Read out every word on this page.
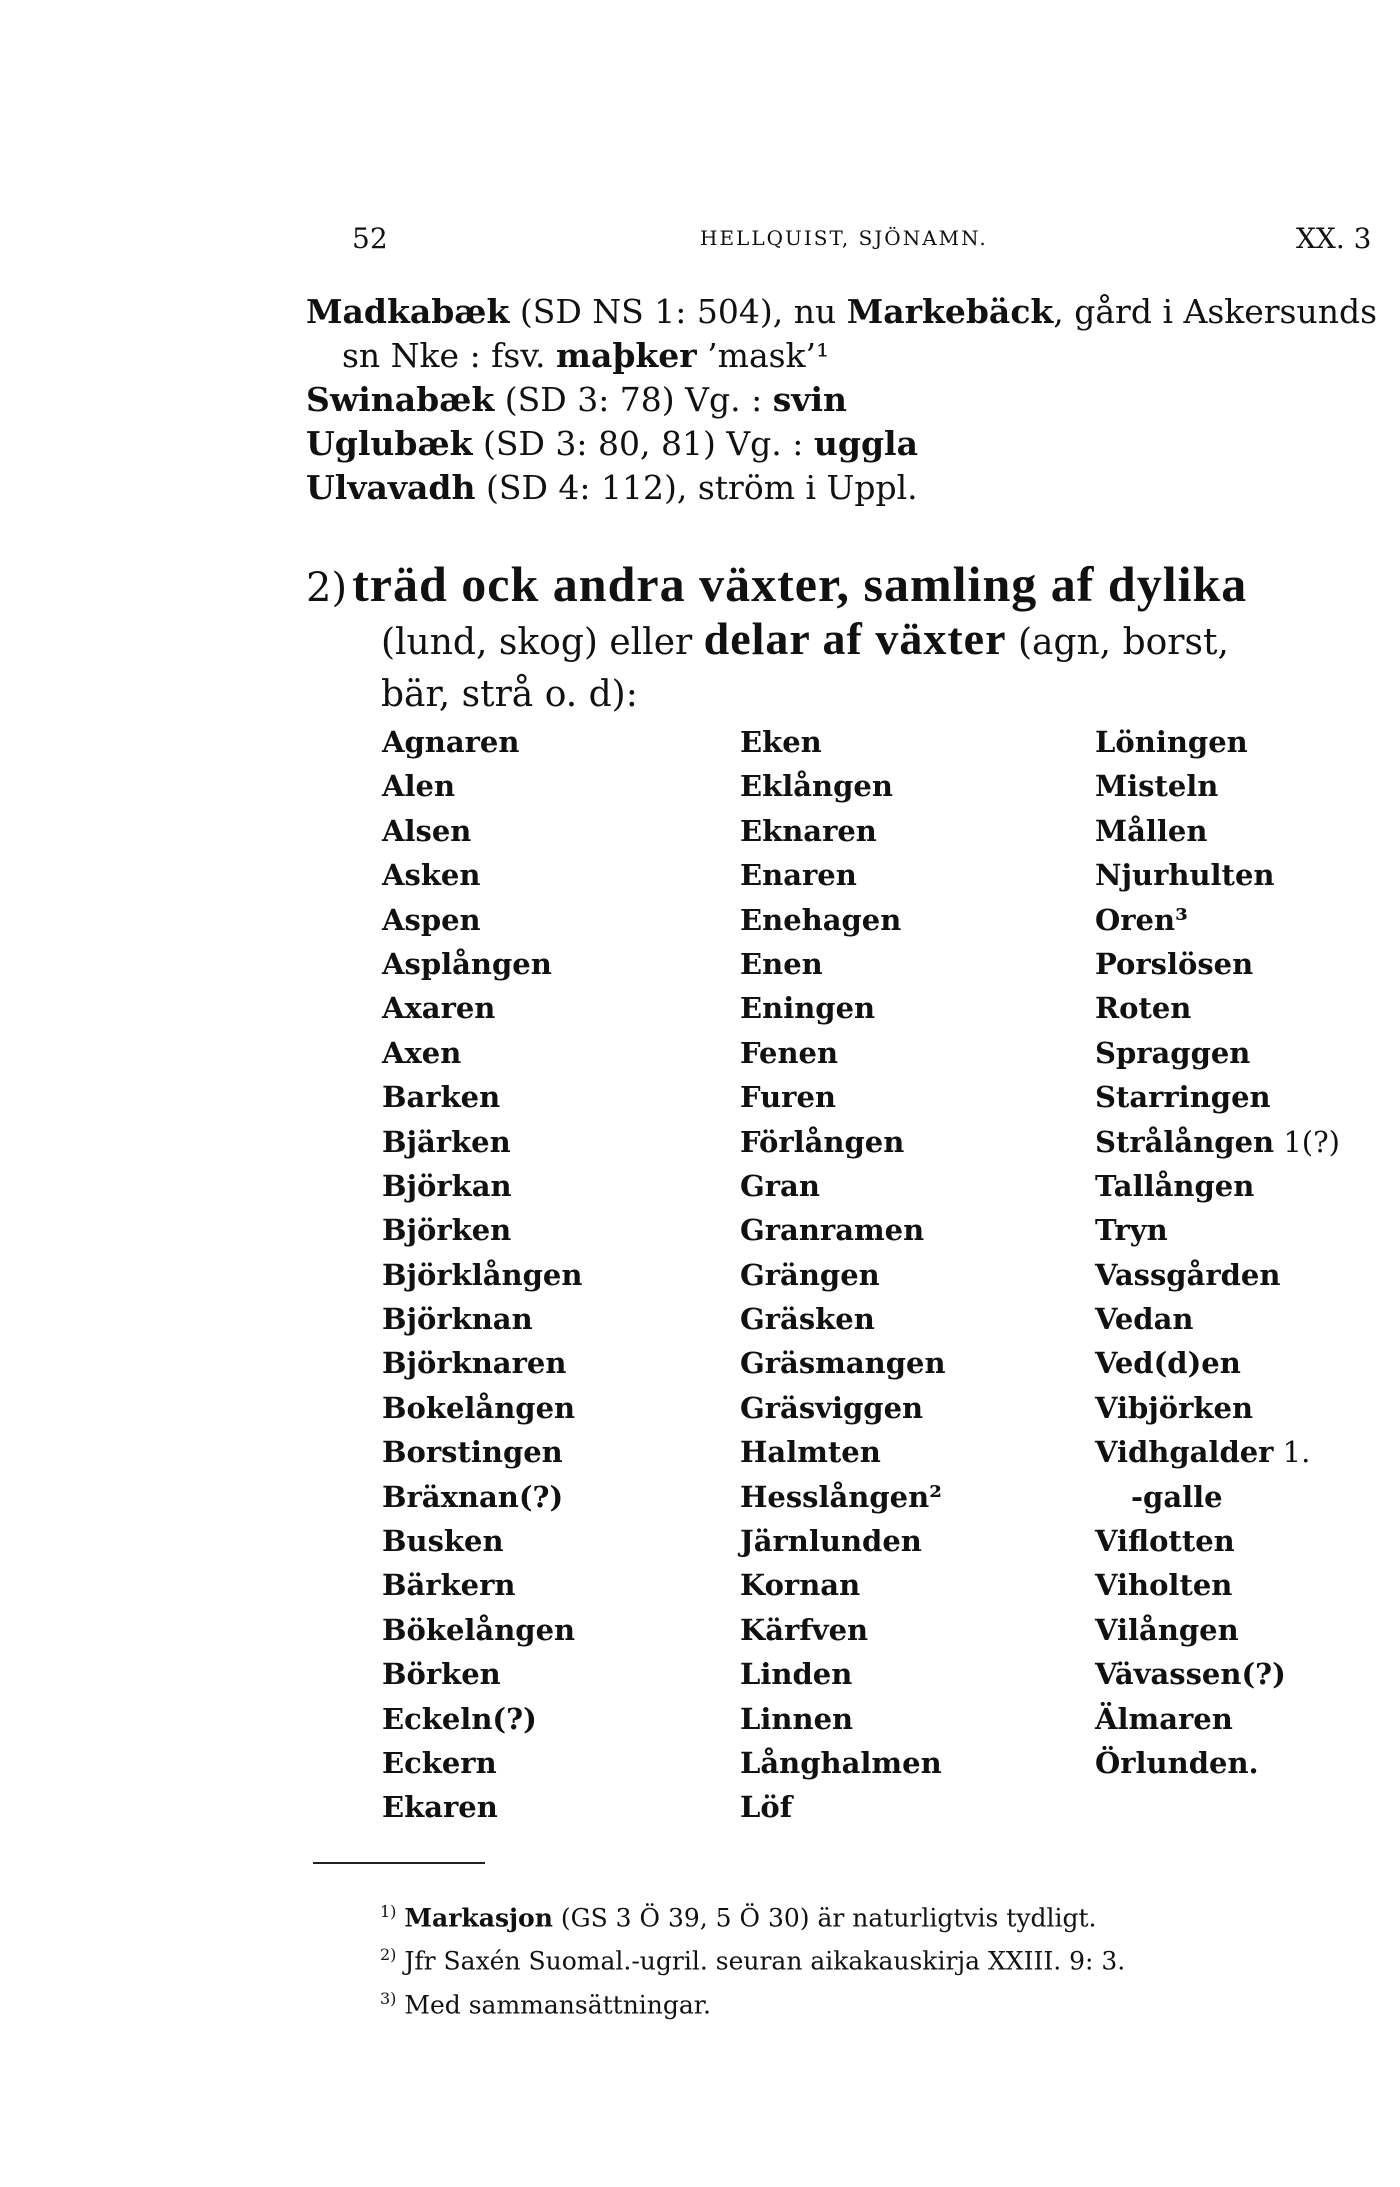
52	HELLQUIST, SJÖNAMN.	XX. 3
Madkabæk (SD NS 1: 504), nu Markebäck, gård i Askersunds
sn Nke : fsv. maþker ’mask’¹
Swinabæk (SD 3: 78) Vg. : svin
Uglubæk (SD 3: 80, 81) Vg. : uggla
Ulvavadh (SD 4: 112), ström i Uppl.
2) träd ock andra växter, samling af dylika
(lund, skog) eller delar af växter (agn, borst,
bär, strå o. d):
Agnaren
Alen
Alsen
Asken
Aspen
Asplången
Axaren
Axen
Barken
Bjärken
Björkan
Björken
Björklången
Björknan
Björknaren
Bokelången
Borstingen
Bräxnan(?)
Busken
Bärkern
Bökelången
Börken
Eckeln(?)
Eckern
Ekaren
Eken
Eklången
Eknaren
Enaren
Enehagen
Enen
Eningen
Fenen
Furen
Förlången
Gran
Granramen
Grängen
Gräsken
Gräsmangen
Gräsviggen
Halmten
Hesslången²
Järnlunden
Kornan
Kärfven
Linden
Linnen
Långhalmen
Löf
Löningen
Misteln
Mållen
Njurhulten
Oren³
Porslösen
Roten
Spraggen
Starringen
Strålången 1(?)
Tallången
Tryn
Vassgården
Vedan
Ved(d)en
Vibjörken
Vidhgalder 1.
-galle
Viflotten
Viholten
Vilången
Vävassen(?)
Älmaren
Örlunden.
$^{1)}$ Markasjon (GS 3 Ö 39, 5 Ö 30) är naturligtvis tydligt.
$^{2)}$ Jfr Saxén Suomal.-ugril. seuran aikakauskirja XXIII. 9: 3.
$^{3)}$ Med sammansättningar.
